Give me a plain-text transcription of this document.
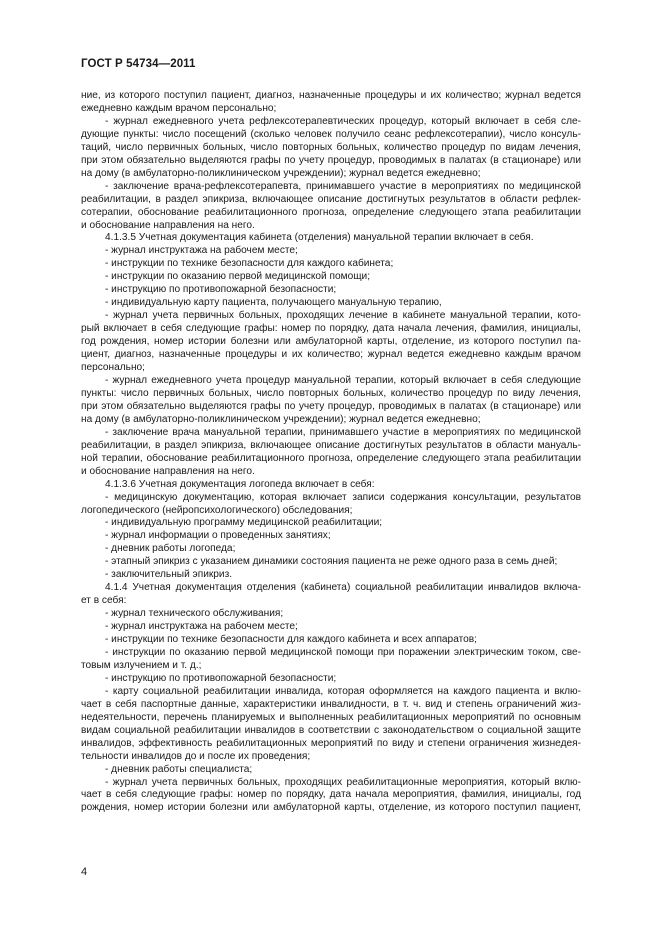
ГОСТ Р 54734—2011
ние, из которого поступил пациент, диагноз, назначенные процедуры и их количество; журнал ведется
ежедневно каждым врачом персонально;
- журнал ежедневного учета рефлексотерапевтических процедур, который включает в себя сле-
дующие пункты: число посещений (сколько человек получило сеанс рефлексотерапии), число консуль-
таций, число первичных больных, число повторных больных, количество процедур по видам лечения,
при этом обязательно выделяются графы по учету процедур, проводимых в палатах (в стационаре) или
на дому (в амбулаторно-поликлиническом учреждении); журнал ведется ежедневно;
- заключение врача-рефлексотерапевта, принимавшего участие в мероприятиях по медицинской
реабилитации, в раздел эпикриза, включающее описание достигнутых результатов в области рефлек-
сотерапии, обоснование реабилитационного прогноза, определение следующего этапа реабилитации
и обоснование направления на него.
4.1.3.5 Учетная документация кабинета (отделения) мануальной терапии включает в себя.
- журнал инструктажа на рабочем месте;
- инструкции по технике безопасности для каждого кабинета;
- инструкции по оказанию первой медицинской помощи;
- инструкцию по противопожарной безопасности;
- индивидуальную карту пациента, получающего мануальную терапию,
- журнал учета первичных больных, проходящих лечение в кабинете мануальной терапии, кото-
рый включает в себя следующие графы: номер по порядку, дата начала лечения, фамилия, инициалы,
год рождения, номер истории болезни или амбулаторной карты, отделение, из которого поступил па-
циент, диагноз, назначенные процедуры и их количество; журнал ведется ежедневно каждым врачом
персонально;
- журнал ежедневного учета процедур мануальной терапии, который включает в себя следующие
пункты: число первичных больных, число повторных больных, количество процедур по виду лечения,
при этом обязательно выделяются графы по учету процедур, проводимых в палатах (в стационаре) или
на дому (в амбулаторно-поликлиническом учреждении); журнал ведется ежедневно;
- заключение врача мануальной терапии, принимавшего участие в мероприятиях по медицинской
реабилитации, в раздел эпикриза, включающее описание достигнутых результатов в области мануаль-
ной терапии, обоснование реабилитационного прогноза, определение следующего этапа реабилитации
и обоснование направления на него.
4.1.3.6 Учетная документация логопеда включает в себя:
- медицинскую документацию, которая включает записи содержания консультации, результатов
логопедического (нейропсихологического) обследования;
- индивидуальную программу медицинской реабилитации;
- журнал информации о проведенных занятиях;
- дневник работы логопеда;
- этапный эпикриз с указанием динамики состояния пациента не реже одного раза в семь дней;
- заключительный эпикриз.
4.1.4 Учетная документация отделения (кабинета) социальной реабилитации инвалидов включа-
ет в себя:
- журнал технического обслуживания;
- журнал инструктажа на рабочем месте;
- инструкции по технике безопасности для каждого кабинета и всех аппаратов;
- инструкции по оказанию первой медицинской помощи при поражении электрическим током, све-
товым излучением и т. д.;
- инструкцию по противопожарной безопасности;
- карту социальной реабилитации инвалида, которая оформляется на каждого пациента и вклю-
чает в себя паспортные данные, характеристики инвалидности, в т. ч. вид и степень ограничений жиз-
недеятельности, перечень планируемых и выполненных реабилитационных мероприятий по основным
видам социальной реабилитации инвалидов в соответствии с законодательством о социальной защите
инвалидов, эффективность реабилитационных мероприятий по виду и степени ограничения жизнедея-
тельности инвалидов до и после их проведения;
- дневник работы специалиста;
- журнал учета первичных больных, проходящих реабилитационные мероприятия, который вклю-
чает в себя следующие графы: номер по порядку, дата начала мероприятия, фамилия, инициалы, год
рождения, номер истории болезни или амбулаторной карты, отделение, из которого поступил пациент,
4
